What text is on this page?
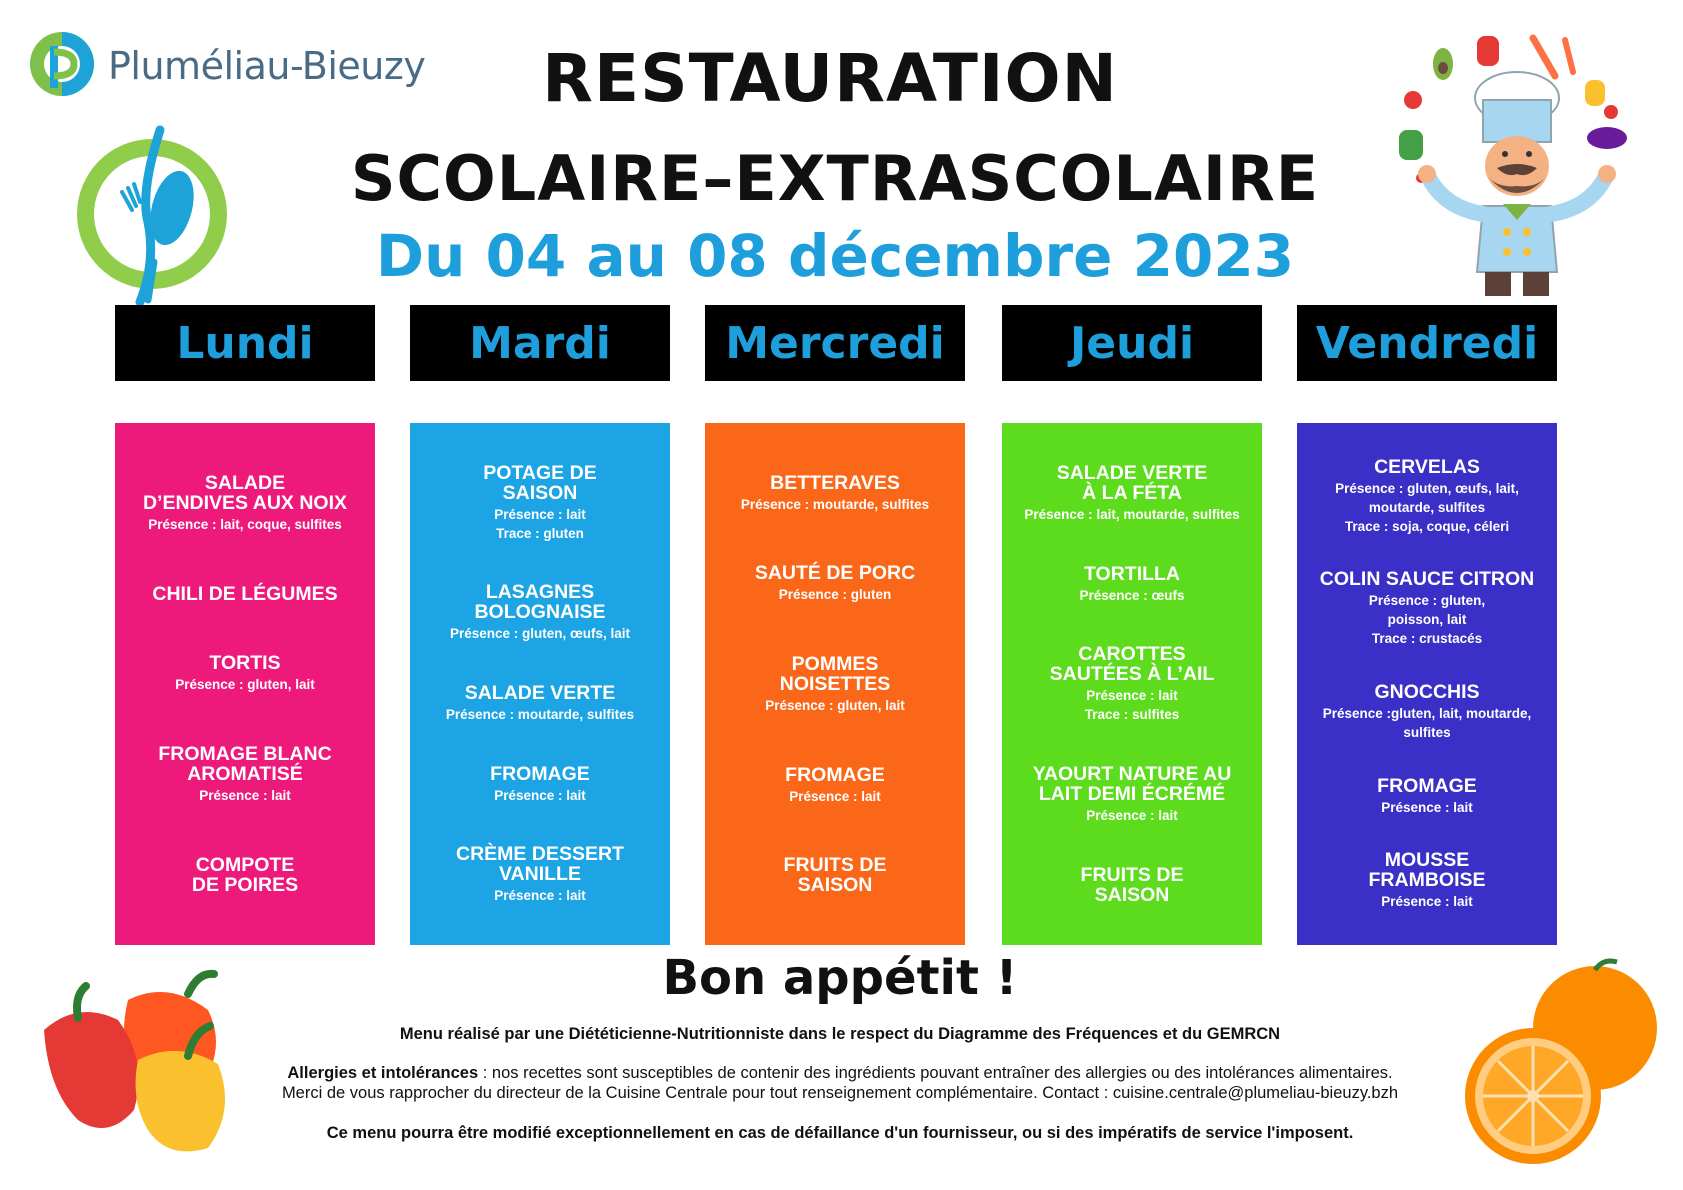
Pluméliau-Bieuzy	RESTAURATION
SCOLAIRE–EXTRASCOLAIRE
Du 04 au 08 décembre 2023
Lundi	Mardi	Mercredi	Jeudi	Vendredi
SALADE
D’ENDIVES AUX NOIX
Présence : lait, coque, sulfites
CHILI DE LÉGUMES
TORTIS
Présence : gluten, lait
FROMAGE BLANC
AROMATISÉ
Présence : lait
COMPOTE
DE POIRES
POTAGE DE
SAISON
Présence : lait
Trace : gluten
LASAGNES
BOLOGNAISE
Présence : gluten, œufs, lait
SALADE VERTE
Présence : moutarde, sulfites
FROMAGE
Présence : lait
CRÈME DESSERT
VANILLE
Présence : lait
BETTERAVES
Présence : moutarde, sulfites
SAUTÉ DE PORC
Présence : gluten
POMMES
NOISETTES
Présence : gluten, lait
FROMAGE
Présence : lait
FRUITS DE
SAISON
SALADE VERTE
À LA FÉTA
Présence : lait, moutarde, sulfites
TORTILLA
Présence : œufs
CAROTTES
SAUTÉES À L’AIL
Présence : lait
Trace : sulfites
YAOURT NATURE AU
LAIT DEMI ÉCRÉMÉ
Présence : lait
FRUITS DE
SAISON
CERVELAS
Présence : gluten, œufs, lait,
moutarde, sulfites
Trace : soja, coque, céleri
COLIN SAUCE CITRON
Présence : gluten,
poisson, lait
Trace : crustacés
GNOCCHIS
Présence :gluten, lait, moutarde,
sulfites
FROMAGE
Présence : lait
MOUSSE
FRAMBOISE
Présence : lait
Bon appétit !
Menu réalisé par une Diététicienne-Nutritionniste dans le respect du Diagramme des Fréquences et du GEMRCN
Allergies et intolérances : nos recettes sont susceptibles de contenir des ingrédients pouvant entraîner des allergies ou des intolérances alimentaires.
Merci de vous rapprocher du directeur de la Cuisine Centrale pour tout renseignement complémentaire. Contact : cuisine.centrale@plumeliau-bieuzy.bzh
Ce menu pourra être modifié exceptionnellement en cas de défaillance d'un fournisseur, ou si des impératifs de service l'imposent.
